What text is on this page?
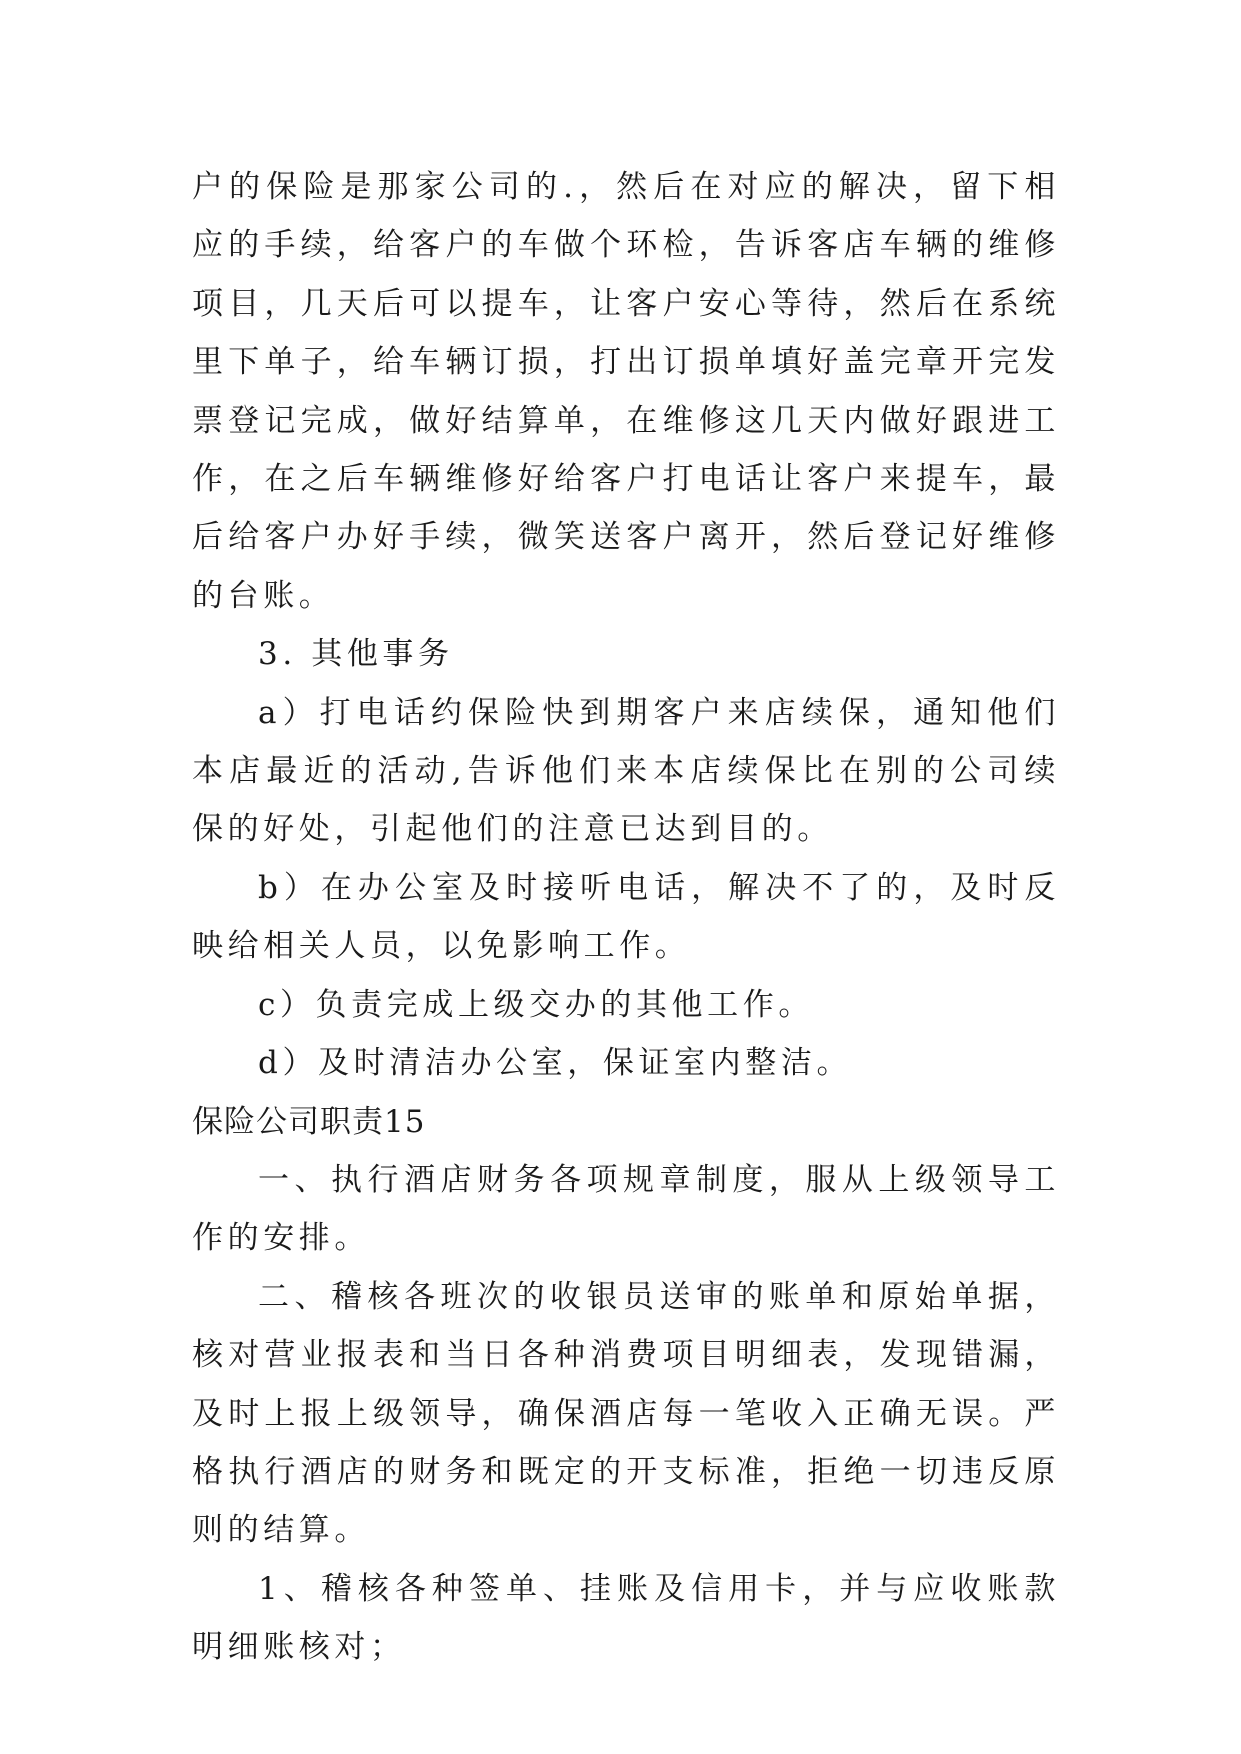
户的保险是那家公司的.，然后在对应的解决，留下相应的手续，给客户的车做个环检，告诉客店车辆的维修项目，几天后可以提车，让客户安心等待，然后在系统里下单子，给车辆订损，打出订损单填好盖完章开完发票登记完成，做好结算单，在维修这几天内做好跟进工作，在之后车辆维修好给客户打电话让客户来提车，最后给客户办好手续，微笑送客户离开，然后登记好维修的台账。

3. 其他事务

a）打电话约保险快到期客户来店续保，通知他们本店最近的活动,告诉他们来本店续保比在别的公司续保的好处，引起他们的注意已达到目的。

b）在办公室及时接听电话，解决不了的，及时反映给相关人员，以免影响工作。

c）负责完成上级交办的其他工作。

d）及时清洁办公室，保证室内整洁。

保险公司职责15

一、执行酒店财务各项规章制度，服从上级领导工作的安排。

二、稽核各班次的收银员送审的账单和原始单据，核对营业报表和当日各种消费项目明细表，发现错漏，及时上报上级领导，确保酒店每一笔收入正确无误。严格执行酒店的财务和既定的开支标准，拒绝一切违反原则的结算。

1、稽核各种签单、挂账及信用卡，并与应收账款明细账核对；
